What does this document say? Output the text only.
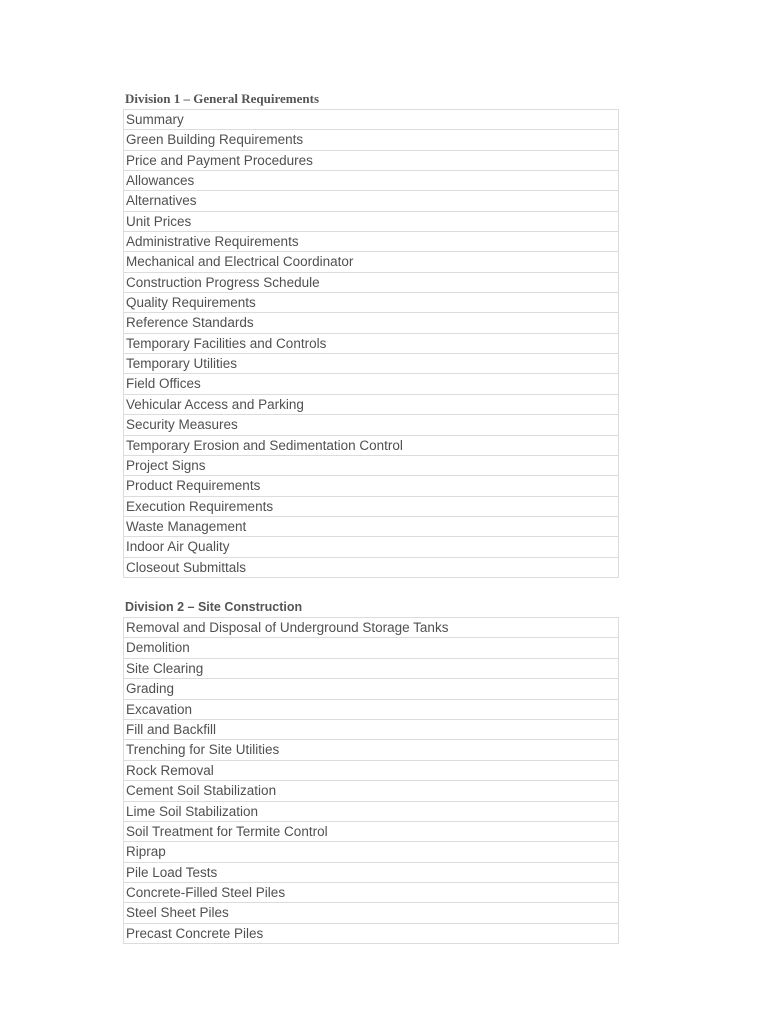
Division 1 – General Requirements
Summary
Green Building Requirements
Price and Payment Procedures
Allowances
Alternatives
Unit Prices
Administrative Requirements
Mechanical and Electrical Coordinator
Construction Progress Schedule
Quality Requirements
Reference Standards
Temporary Facilities and Controls
Temporary Utilities
Field Offices
Vehicular Access and Parking
Security Measures
Temporary Erosion and Sedimentation Control
Project Signs
Product Requirements
Execution Requirements
Waste Management
Indoor Air Quality
Closeout Submittals
Division 2 – Site Construction
Removal and Disposal of Underground Storage Tanks
Demolition
Site Clearing
Grading
Excavation
Fill and Backfill
Trenching for Site Utilities
Rock Removal
Cement Soil Stabilization
Lime Soil Stabilization
Soil Treatment for Termite Control
Riprap
Pile Load Tests
Concrete-Filled Steel Piles
Steel Sheet Piles
Precast Concrete Piles
